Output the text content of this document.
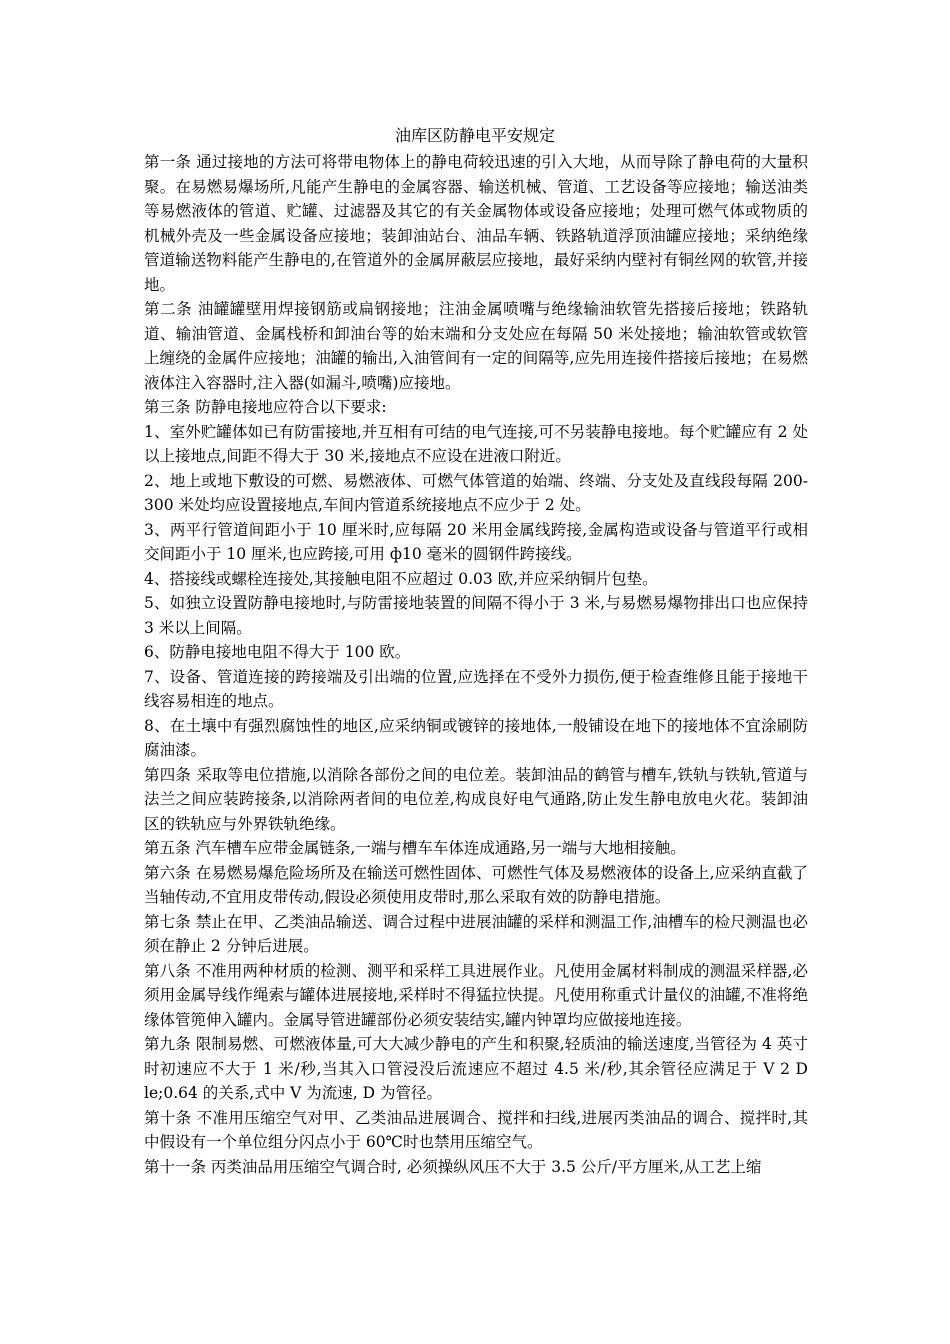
油库区防静电平安规定

第一条 通过接地的方法可将带电物体上的静电荷较迅速的引入大地，从而导除了静电荷的大量积聚。在易燃易爆场所,凡能产生静电的金属容器、输送机械、管道、工艺设备等应接地；输送油类等易燃液体的管道、贮罐、过滤器及其它的有关金属物体或设备应接地；处理可燃气体或物质的机械外壳及一些金属设备应接地；装卸油站台、油品车辆、铁路轨道浮顶油罐应接地；采纳绝缘管道输送物料能产生静电的,在管道外的金属屏蔽层应接地，最好采纳内壁衬有铜丝网的软管,并接地。

第二条 油罐罐壁用焊接钢筋或扁钢接地；注油金属喷嘴与绝缘输油软管先搭接后接地；铁路轨道、输油管道、金属栈桥和卸油台等的始末端和分支处应在每隔 50 米处接地；输油软管或软管上缠绕的金属件应接地；油罐的输出,入油管间有一定的间隔等,应先用连接件搭接后接地；在易燃液体注入容器时,注入器(如漏斗,喷嘴)应接地。

第三条 防静电接地应符合以下要求:

1、室外贮罐体如已有防雷接地,并互相有可结的电气连接,可不另装静电接地。每个贮罐应有 2 处以上接地点,间距不得大于 30 米,接地点不应设在进液口附近。

2、地上或地下敷设的可燃、易燃液体、可燃气体管道的始端、终端、分支处及直线段每隔 200-300 米处均应设置接地点,车间内管道系统接地点不应少于 2 处。

3、两平行管道间距小于 10 厘米时,应每隔 20 米用金属线跨接,金属构造或设备与管道平行或相交间距小于 10 厘米,也应跨接,可用 ф10 毫米的圆钢件跨接线。

4、搭接线或螺栓连接处,其接触电阻不应超过 0.03 欧,并应采纳铜片包垫。

5、如独立设置防静电接地时,与防雷接地装置的间隔不得小于 3 米,与易燃易爆物排出口也应保持 3 米以上间隔。

6、防静电接地电阻不得大于 100 欧。

7、设备、管道连接的跨接端及引出端的位置,应选择在不受外力损伤,便于检查维修且能于接地干线容易相连的地点。

8、在土壤中有强烈腐蚀性的地区,应采纳铜或镀锌的接地体,一般铺设在地下的接地体不宜涂刷防腐油漆。

第四条 采取等电位措施,以消除各部份之间的电位差。装卸油品的鹤管与槽车,铁轨与铁轨,管道与法兰之间应装跨接条,以消除两者间的电位差,构成良好电气通路,防止发生静电放电火花。装卸油区的铁轨应与外界铁轨绝缘。

第五条 汽车槽车应带金属链条,一端与槽车车体连成通路,另一端与大地相接触。

第六条 在易燃易爆危险场所及在输送可燃性固体、可燃性气体及易燃液体的设备上,应采纳直截了当轴传动,不宜用皮带传动,假设必须使用皮带时,那么采取有效的防静电措施。

第七条 禁止在甲、乙类油品输送、调合过程中进展油罐的采样和测温工作,油槽车的检尺测温也必须在静止 2 分钟后进展。

第八条 不准用两种材质的检测、测平和采样工具进展作业。凡使用金属材料制成的测温采样器,必须用金属导线作绳索与罐体进展接地,采样时不得猛拉快提。凡使用称重式计量仪的油罐,不准将绝缘体管篼伸入罐内。金属导管进罐部份必须安装结实,罐内钟罩均应做接地连接。

第九条 限制易燃、可燃液体量,可大大减少静电的产生和积聚,轻质油的输送速度,当管径为 4 英寸时初速应不大于 1 米/秒,当其入口管浸没后流速应不超过 4.5 米/秒,其余管径应满足于 V 2 D le;0.64 的关系,式中 V 为流速, D 为管径。

第十条 不准用压缩空气对甲、乙类油品进展调合、搅拌和扫线,进展丙类油品的调合、搅拌时,其中假设有一个单位组分闪点小于 60℃时也禁用压缩空气。

第十一条 丙类油品用压缩空气调合时, 必须操纵风压不大于 3.5 公斤/平方厘米,从工艺上缩
